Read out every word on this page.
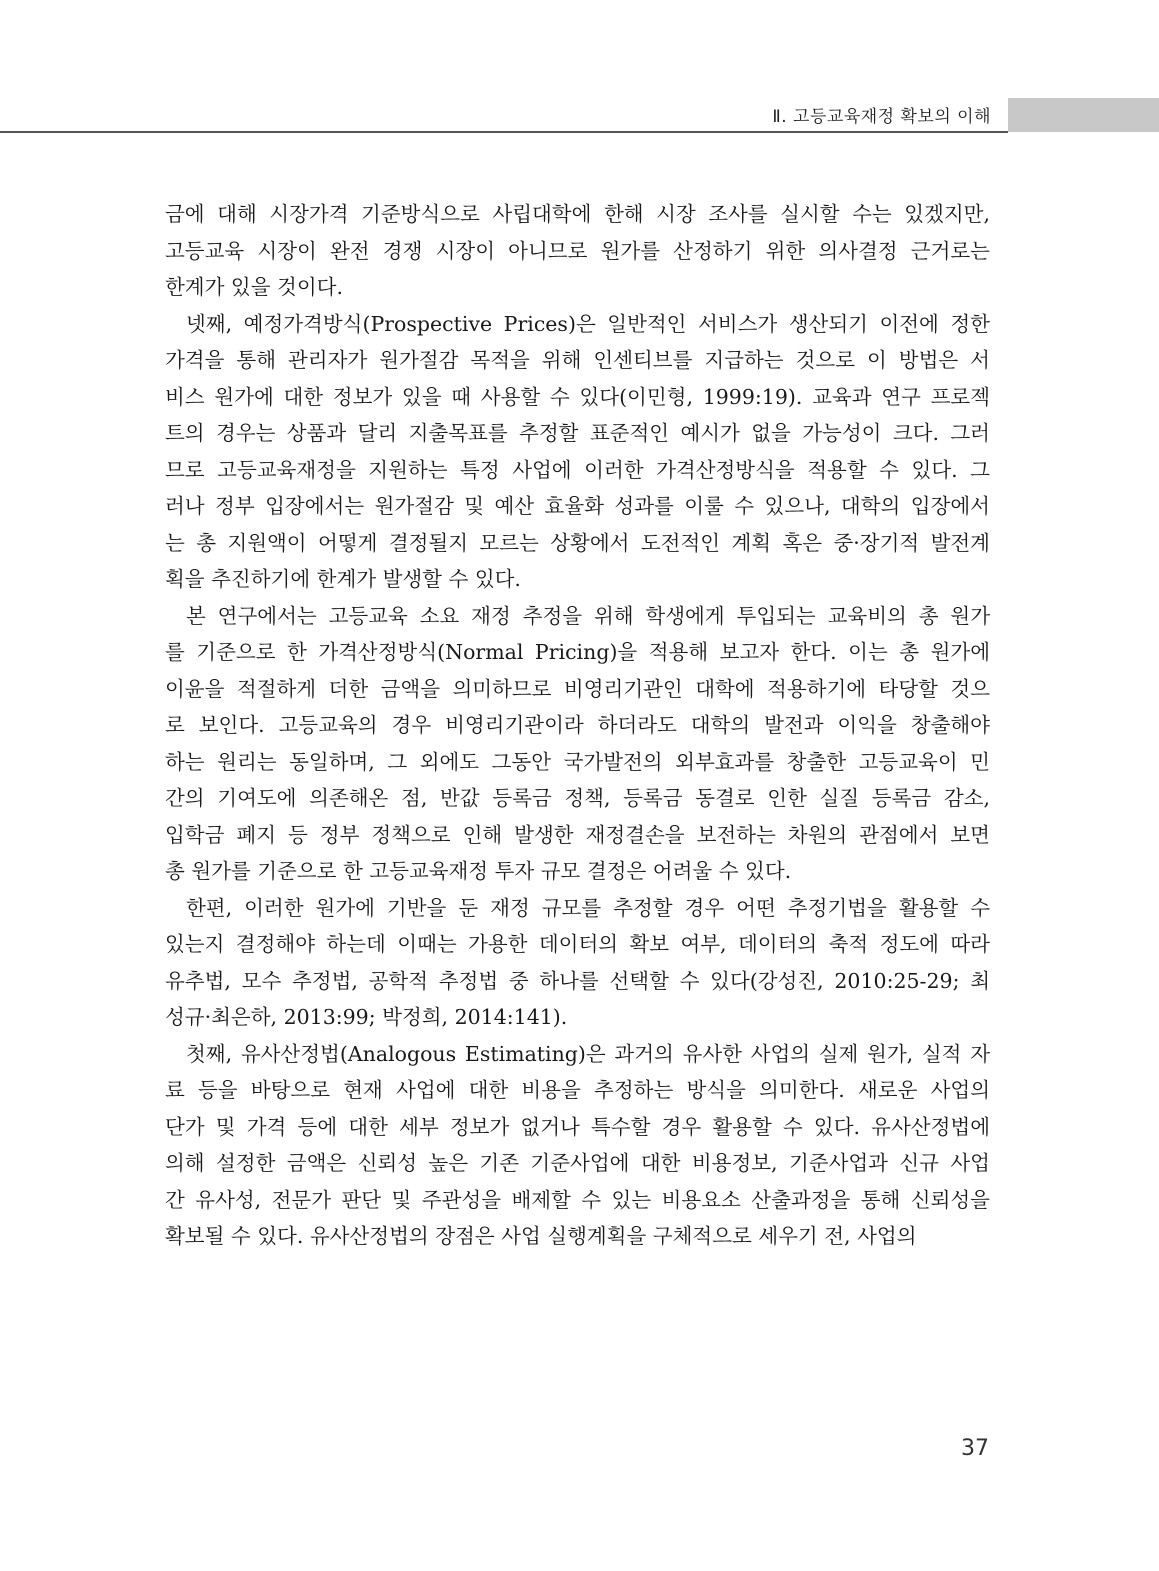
Ⅱ. 고등교육재정 확보의 이해
금에 대해 시장가격 기준방식으로 사립대학에 한해 시장 조사를 실시할 수는 있겠지만,
고등교육 시장이 완전 경쟁 시장이 아니므로 원가를 산정하기 위한 의사결정 근거로는
한계가 있을 것이다.
넷째, 예정가격방식(Prospective Prices)은 일반적인 서비스가 생산되기 이전에 정한
가격을 통해 관리자가 원가절감 목적을 위해 인센티브를 지급하는 것으로 이 방법은 서
비스 원가에 대한 정보가 있을 때 사용할 수 있다(이민형, 1999:19). 교육과 연구 프로젝
트의 경우는 상품과 달리 지출목표를 추정할 표준적인 예시가 없을 가능성이 크다. 그러
므로 고등교육재정을 지원하는 특정 사업에 이러한 가격산정방식을 적용할 수 있다. 그
러나 정부 입장에서는 원가절감 및 예산 효율화 성과를 이룰 수 있으나, 대학의 입장에서
는 총 지원액이 어떻게 결정될지 모르는 상황에서 도전적인 계획 혹은 중·장기적 발전계
획을 추진하기에 한계가 발생할 수 있다.
본 연구에서는 고등교육 소요 재정 추정을 위해 학생에게 투입되는 교육비의 총 원가
를 기준으로 한 가격산정방식(Normal Pricing)을 적용해 보고자 한다. 이는 총 원가에
이윤을 적절하게 더한 금액을 의미하므로 비영리기관인 대학에 적용하기에 타당할 것으
로 보인다. 고등교육의 경우 비영리기관이라 하더라도 대학의 발전과 이익을 창출해야
하는 원리는 동일하며, 그 외에도 그동안 국가발전의 외부효과를 창출한 고등교육이 민
간의 기여도에 의존해온 점, 반값 등록금 정책, 등록금 동결로 인한 실질 등록금 감소,
입학금 폐지 등 정부 정책으로 인해 발생한 재정결손을 보전하는 차원의 관점에서 보면
총 원가를 기준으로 한 고등교육재정 투자 규모 결정은 어려울 수 있다.
한편, 이러한 원가에 기반을 둔 재정 규모를 추정할 경우 어떤 추정기법을 활용할 수
있는지 결정해야 하는데 이때는 가용한 데이터의 확보 여부, 데이터의 축적 정도에 따라
유추법, 모수 추정법, 공학적 추정법 중 하나를 선택할 수 있다(강성진, 2010:25-29; 최
성규·최은하, 2013:99; 박정희, 2014:141).
첫째, 유사산정법(Analogous Estimating)은 과거의 유사한 사업의 실제 원가, 실적 자
료 등을 바탕으로 현재 사업에 대한 비용을 추정하는 방식을 의미한다. 새로운 사업의
단가 및 가격 등에 대한 세부 정보가 없거나 특수할 경우 활용할 수 있다. 유사산정법에
의해 설정한 금액은 신뢰성 높은 기존 기준사업에 대한 비용정보, 기준사업과 신규 사업
간 유사성, 전문가 판단 및 주관성을 배제할 수 있는 비용요소 산출과정을 통해 신뢰성을
확보될 수 있다. 유사산정법의 장점은 사업 실행계획을 구체적으로 세우기 전, 사업의
37
